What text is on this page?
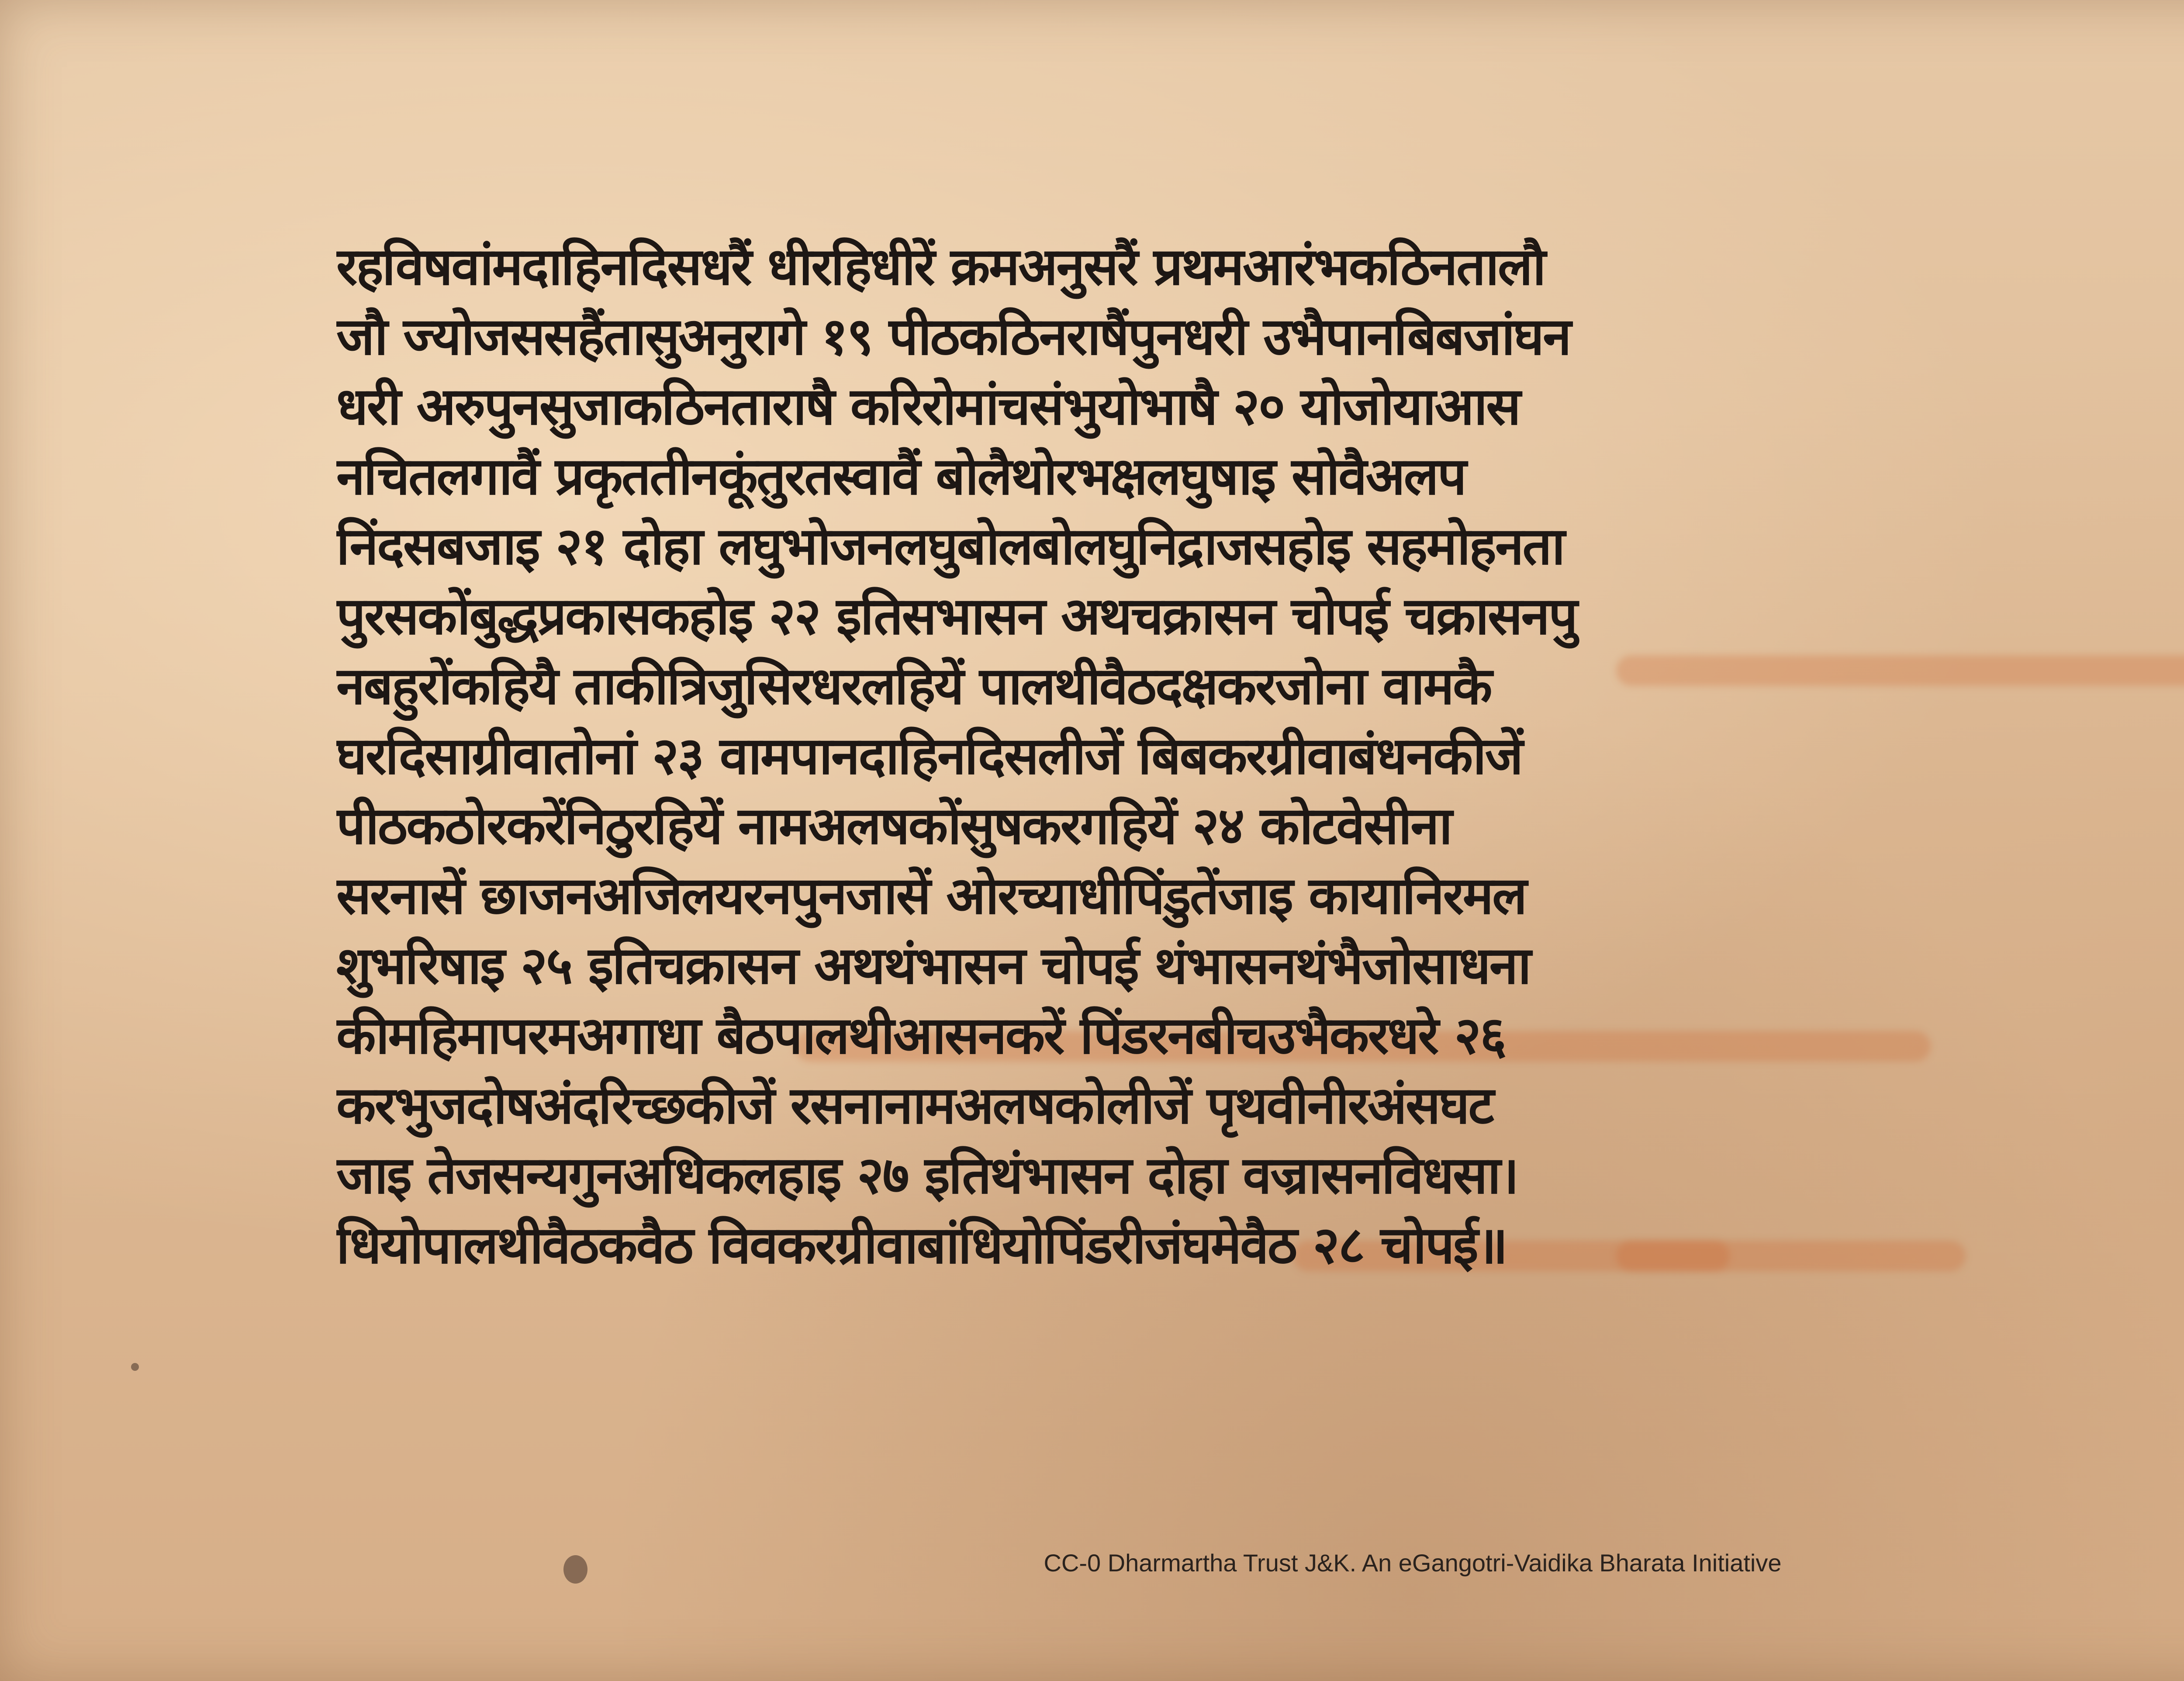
रहविषवांमदाहिनदिसधरैं धीरहिधीरें क्रमअनुसरैं प्रथमआरंभकठिनतालौ
जौ ज्योजससहैंतासुअनुरागे १९ पीठकठिनराषैंपुनधरी उभैपानबिबजांघन
धरी अरुपुनसुजाकठिनताराषै करिरोमांचसंभुयोभाषै २० योजोयाआस
नचितलगावैं प्रकृततीनकूंतुरतस्वावैं बोलैथोरभक्षलघुषाइ सोवैअलप
निंदसबजाइ २१ दोहा लघुभोजनलघुबोलबोलघुनिद्राजसहोइ सहमोहनता
पुरसकोंबुद्धप्रकासकहोइ २२ इतिसभासन अथचक्रासन चोपई चक्रासनपु
नबहुरोंकहियै ताकीत्रिजुसिरधरलहियें पालथीवैठदक्षकरजोना वामकै
घरदिसाग्रीवातोनां २३ वामपानदाहिनदिसलीजें बिबकरग्रीवाबंधनकीजें
पीठकठोरकरेंनिठुरहियें नामअलषकोंसुषकरगहियें २४ कोटवेसीना
सरनासें छाजनअजिलयरनपुनजासें ओरच्याधीपिंडुतेंजाइ कायानिरमल
शुभरिषाइ २५ इतिचक्रासन अथथंभासन चोपई थंभासनथंभैजोसाधना
कीमहिमापरमअगाधा बैठपालथीआसनकरें पिंडरनबीचउभैकरधरे २६
करभुजदोषअंदरिच्छकीजें रसनानामअलषकोलीजें पृथवीनीरअंसघट
जाइ तेजसन्यगुनअधिकलहाइ २७ इतिथंभासन दोहा वज्रासनविधसा।
धियोपालथीवैठकवैठ विवकरग्रीवाबांधियोपिंडरीजंघमेवैठ २८ चोपई॥
CC-0 Dharmartha Trust J&K. An eGangotri-Vaidika Bharata Initiative
